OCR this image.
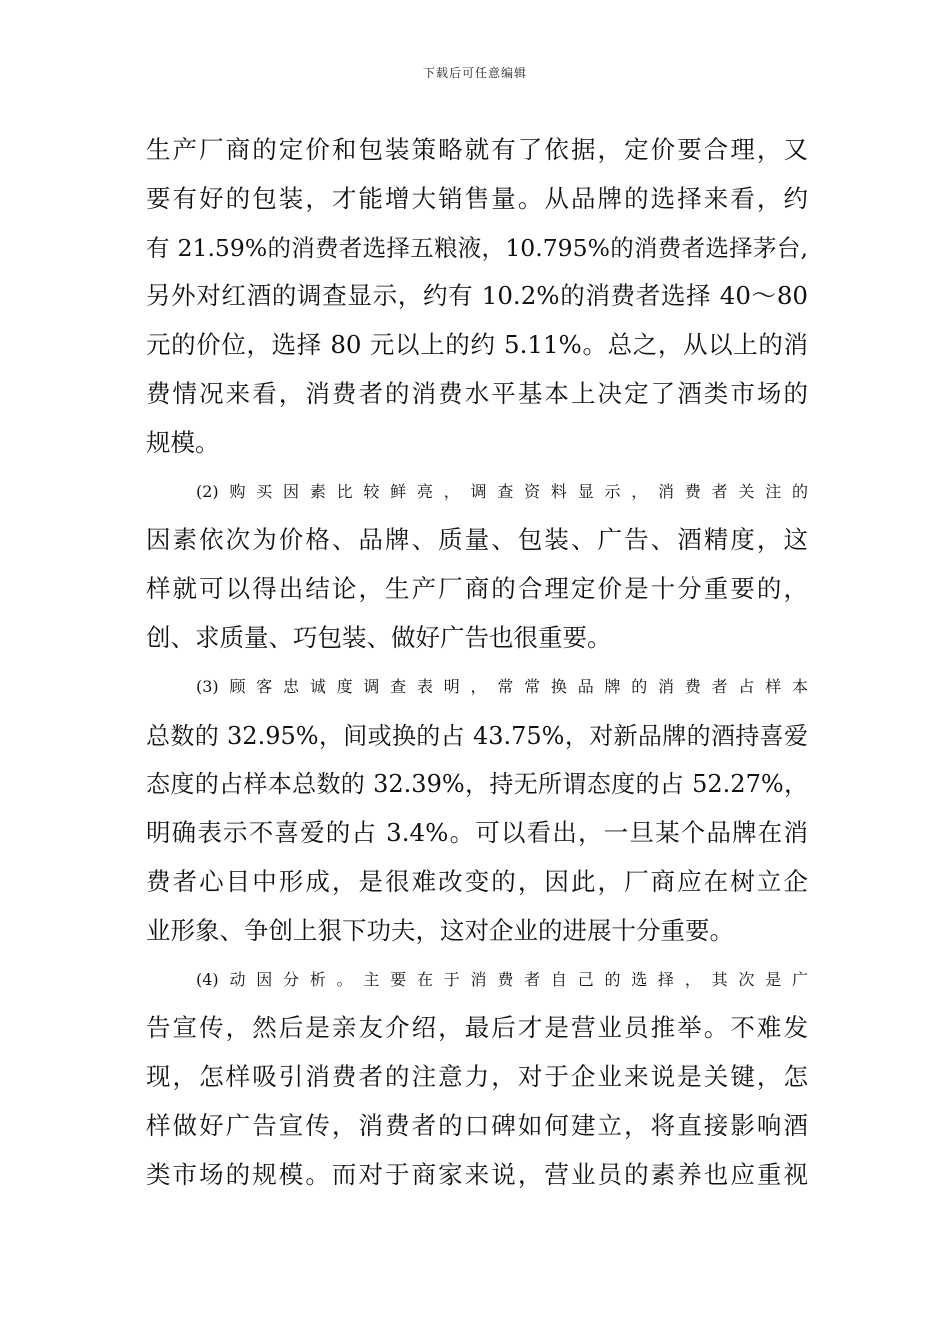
下载后可任意编辑
生产厂商的定价和包装策略就有了依据，定价要合理，又
要有好的包装，才能增大销售量。从品牌的选择来看，约
有 21.59%的消费者选择五粮液，10.795%的消费者选择茅台,
另外对红酒的调查显示，约有 10.2%的消费者选择 40～80
元的价位，选择 80 元以上的约 5.11%。总之，从以上的消
费情况来看，消费者的消费水平基本上决定了酒类市场的
规模。
(2)购买因素比较鲜亮，调查资料显示，消费者关注的
因素依次为价格、品牌、质量、包装、广告、酒精度，这
样就可以得出结论，生产厂商的合理定价是十分重要的，
创、求质量、巧包装、做好广告也很重要。
(3)顾客忠诚度调查表明，常常换品牌的消费者占样本
总数的 32.95%，间或换的占 43.75%，对新品牌的酒持喜爱
态度的占样本总数的 32.39%，持无所谓态度的占 52.27%，
明确表示不喜爱的占 3.4%。可以看出，一旦某个品牌在消
费者心目中形成，是很难改变的，因此，厂商应在树立企
业形象、争创上狠下功夫，这对企业的进展十分重要。
(4)动因分析。主要在于消费者自己的选择，其次是广
告宣传，然后是亲友介绍，最后才是营业员推举。不难发
现，怎样吸引消费者的注意力，对于企业来说是关键，怎
样做好广告宣传，消费者的口碑如何建立，将直接影响酒
类市场的规模。而对于商家来说，营业员的素养也应重视
